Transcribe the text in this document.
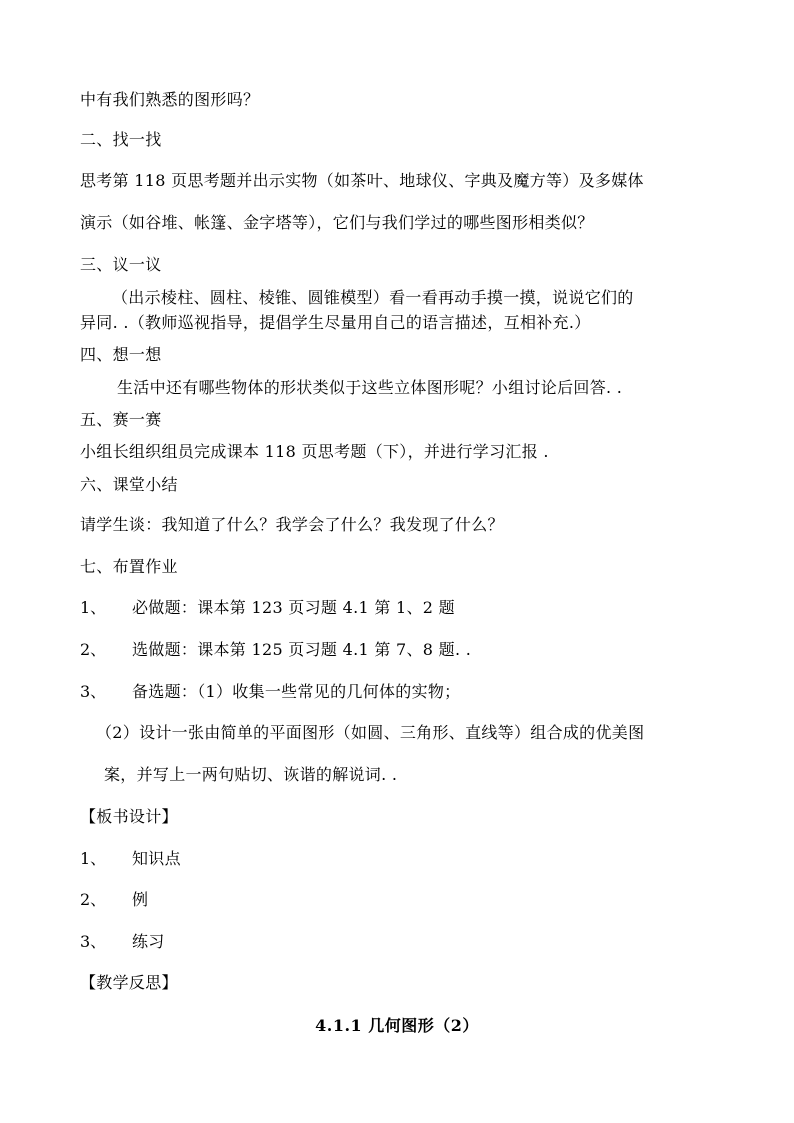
中有我们熟悉的图形吗？
二、找一找
思考第 118 页思考题并出示实物（如茶叶、地球仪、字典及魔方等）及多媒体
演示（如谷堆、帐篷、金字塔等），它们与我们学过的哪些图形相类似？
三、议一议
（出示棱柱、圆柱、棱锥、圆锥模型）看一看再动手摸一摸，说说它们的
异同. .（教师巡视指导，提倡学生尽量用自己的语言描述，互相补充.）
四、想一想
生活中还有哪些物体的形状类似于这些立体图形呢？小组讨论后回答. .
五、赛一赛
小组长组织组员完成课本 118 页思考题（下），并进行学习汇报 .
六、课堂小结
请学生谈：我知道了什么？我学会了什么？我发现了什么？
七、布置作业
1、 必做题：课本第 123 页习题 4.1 第 1、2 题
2、 选做题：课本第 125 页习题 4.1 第 7、8 题. .
3、 备选题：（1）收集一些常见的几何体的实物；
（2）设计一张由简单的平面图形（如圆、三角形、直线等）组合成的优美图
案，并写上一两句贴切、诙谐的解说词. .
【板书设计】
1、 知识点
2、 例
3、 练习
【教学反思】
4.1.1 几何图形（2）
